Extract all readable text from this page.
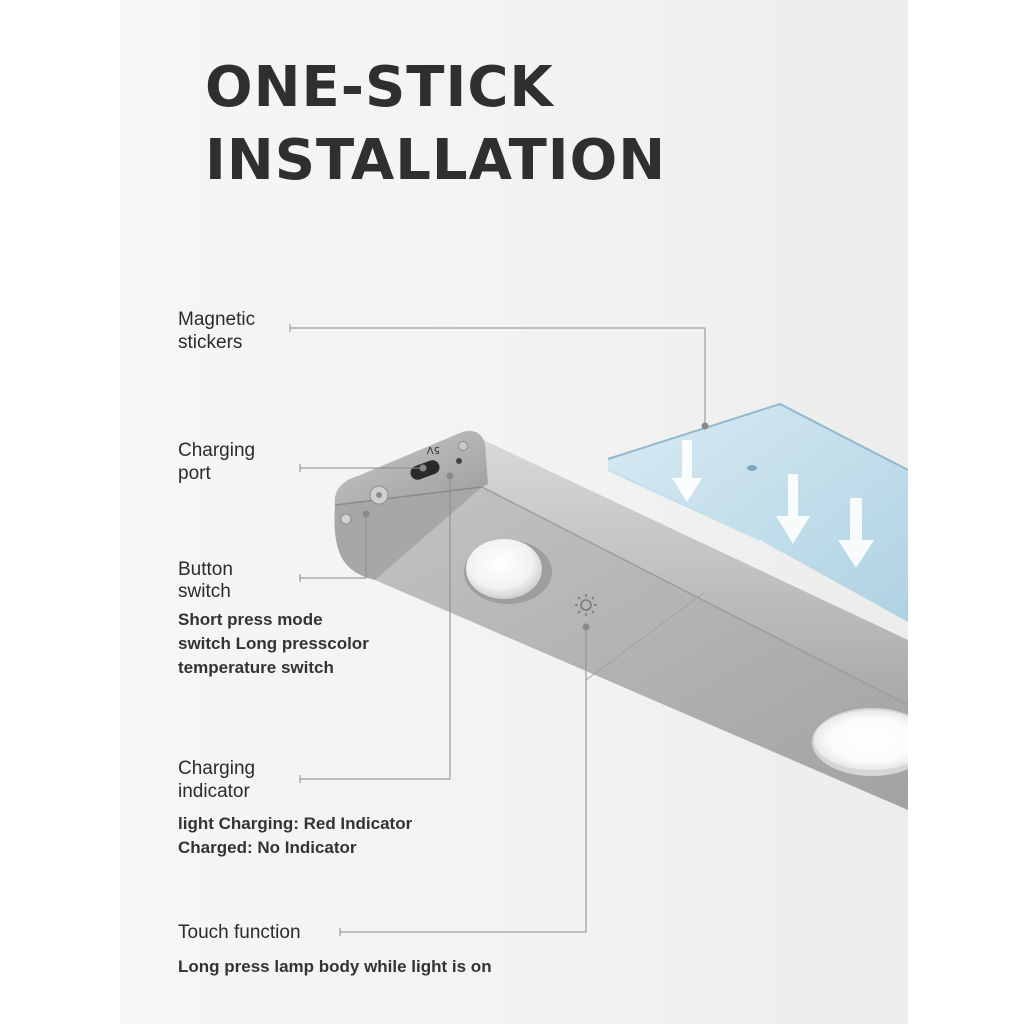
ONE-STICK
INSTALLATION
5V
Magnetic
stickers
Charging
port
Button
switch
Short press mode
switch Long presscolor
temperature switch
Charging
indicator
light Charging: Red Indicator
Charged: No Indicator
Touch function
Long press lamp body while light is on
